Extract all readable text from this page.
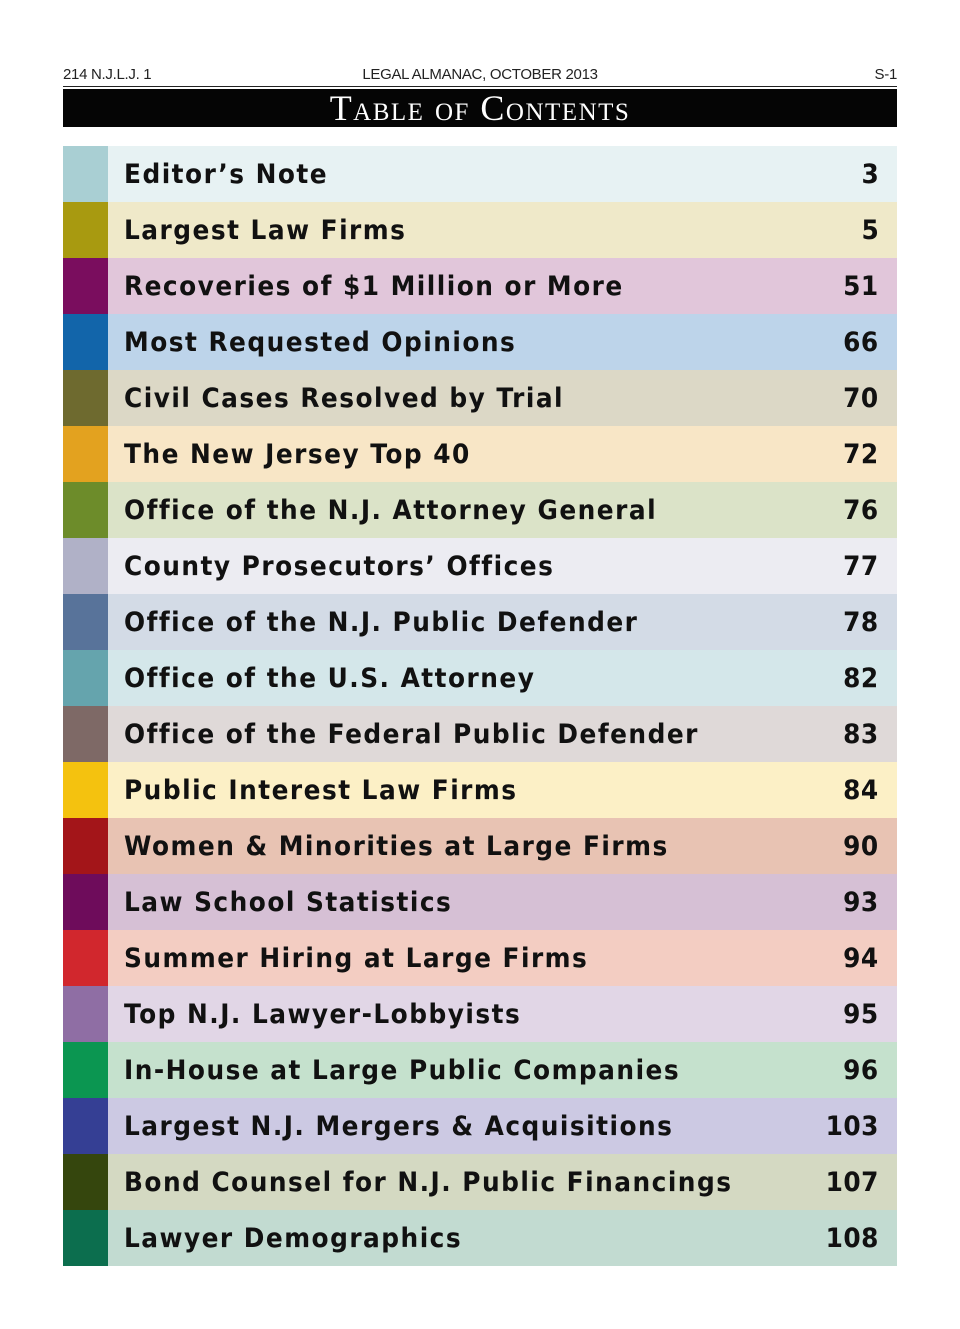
214 N.J.L.J. 1	LEGAL ALMANAC, OCTOBER 2013	S-1
Table of Contents
Editor’s Note	3
Largest Law Firms	5
Recoveries of $1 Million or More	51
Most Requested Opinions	66
Civil Cases Resolved by Trial	70
The New Jersey Top 40	72
Office of the N.J. Attorney General	76
County Prosecutors’ Offices	77
Office of the N.J. Public Defender	78
Office of the U.S. Attorney	82
Office of the Federal Public Defender	83
Public Interest Law Firms	84
Women & Minorities at Large Firms	90
Law School Statistics	93
Summer Hiring at Large Firms	94
Top N.J. Lawyer-Lobbyists	95
In-House at Large Public Companies	96
Largest N.J. Mergers & Acquisitions	103
Bond Counsel for N.J. Public Financings	107
Lawyer Demographics	108
